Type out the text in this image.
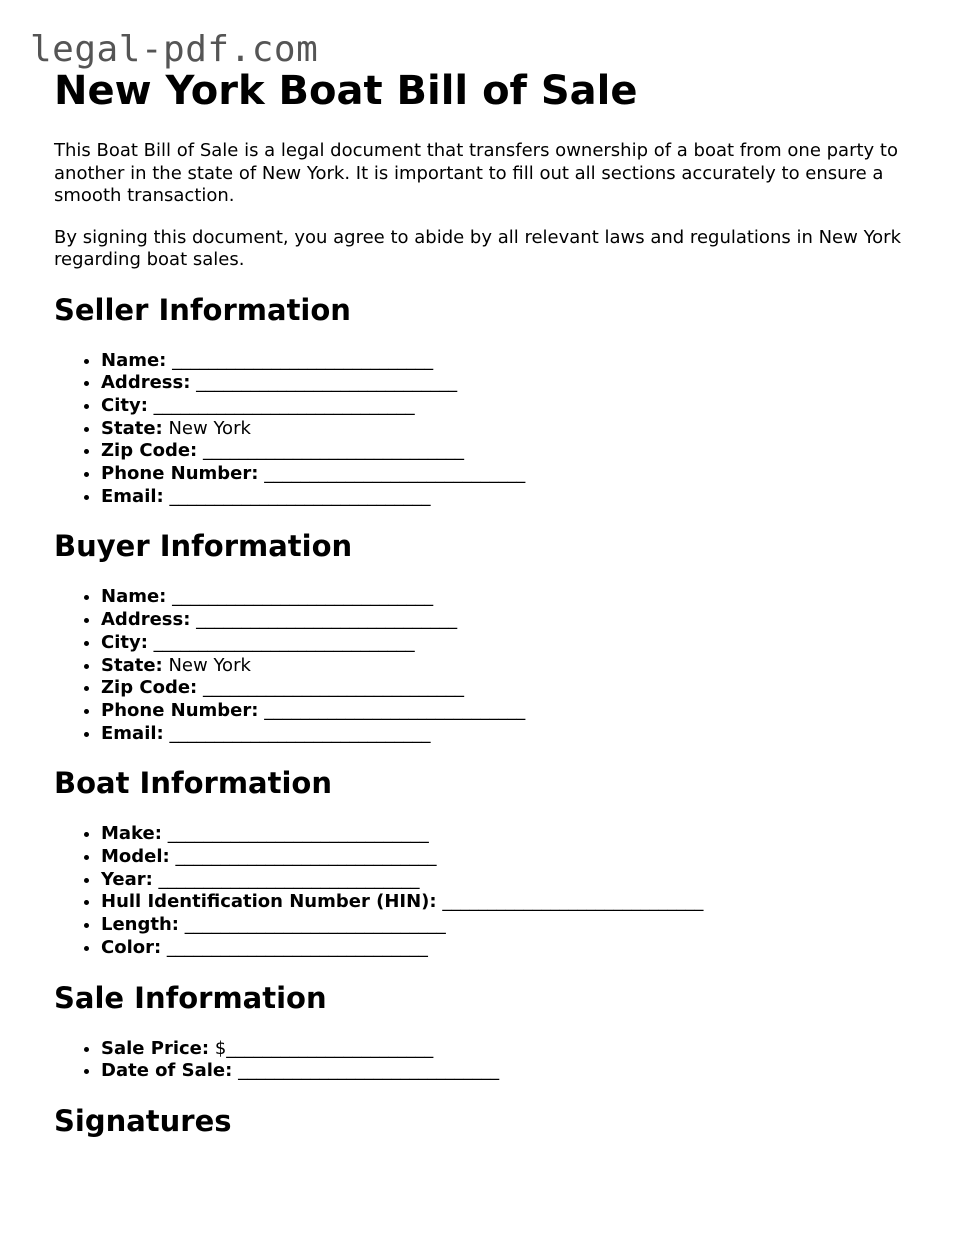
legal-pdf.com
New York Boat Bill of Sale

This Boat Bill of Sale is a legal document that transfers ownership of a boat from one party to another in the state of New York. It is important to fill out all sections accurately to ensure a smooth transaction.

By signing this document, you agree to abide by all relevant laws and regulations in New York regarding boat sales.

Seller Information
• Name: _____________________________
• Address: _____________________________
• City: _____________________________
• State: New York
• Zip Code: _____________________________
• Phone Number: _____________________________
• Email: _____________________________
Buyer Information
• Name: _____________________________
• Address: _____________________________
• City: _____________________________
• State: New York
• Zip Code: _____________________________
• Phone Number: _____________________________
• Email: _____________________________
Boat Information
• Make: _____________________________
• Model: _____________________________
• Year: _____________________________
• Hull Identification Number (HIN): _____________________________
• Length: _____________________________
• Color: _____________________________
Sale Information
• Sale Price: $_______________________
• Date of Sale: _____________________________
Signatures
